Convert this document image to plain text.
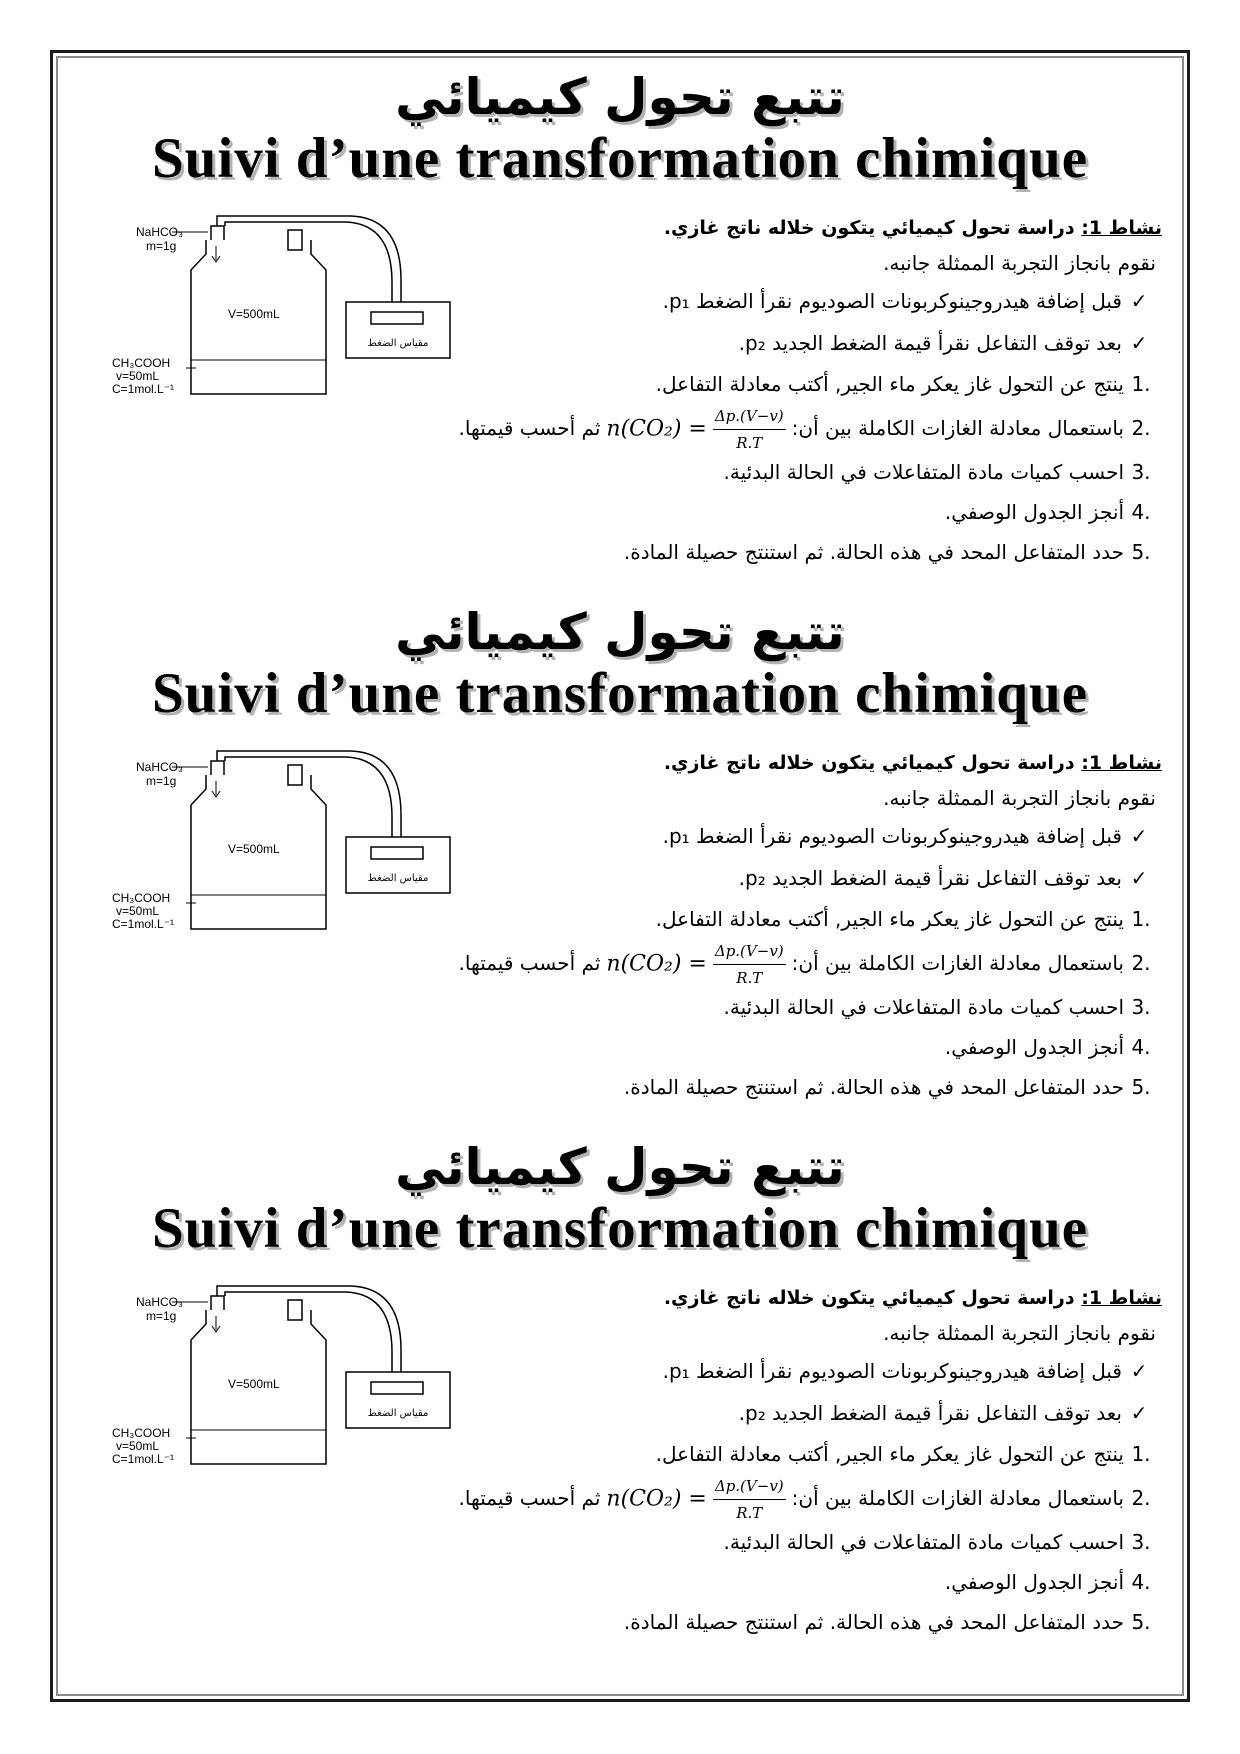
تتبع تحول كيميائي
Suivi d’une transformation chimique
NaHCO₃
m=1g
V=500mL
CH₃COOH
v=50mL
C=1mol.L⁻¹
مقياس الضغط
نشاط 1: دراسة تحول كيميائي يتكون خلاله ناتج غازي.
نقوم بانجاز التجربة الممثلة جانبه.
✓قبل إضافة هيدروجينوكربونات الصوديوم نقرأ الضغط p₁.
✓بعد توقف التفاعل نقرأ قيمة الضغط الجديد p₂.
1.ينتج عن التحول غاز يعكر ماء الجير, أكتب معادلة التفاعل.
2.باستعمال معادلة الغازات الكاملة بين أن:n(CO₂) = $\frac{\Delta p.(V-v)}{R.T}$
ثم أحسب قيمتها.
3.احسب كميات مادة المتفاعلات في الحالة البدئية.
4.أنجز الجدول الوصفي.
5.حدد المتفاعل المحد في هذه الحالة. ثم استنتج حصيلة المادة.
تتبع تحول كيميائي
Suivi d’une transformation chimique
NaHCO₃
m=1g
V=500mL
CH₃COOH
v=50mL
C=1mol.L⁻¹
مقياس الضغط
نشاط 1: دراسة تحول كيميائي يتكون خلاله ناتج غازي.
نقوم بانجاز التجربة الممثلة جانبه.
✓قبل إضافة هيدروجينوكربونات الصوديوم نقرأ الضغط p₁.
✓بعد توقف التفاعل نقرأ قيمة الضغط الجديد p₂.
1.ينتج عن التحول غاز يعكر ماء الجير, أكتب معادلة التفاعل.
2.باستعمال معادلة الغازات الكاملة بين أن:n(CO₂) = $\frac{\Delta p.(V-v)}{R.T}$
ثم أحسب قيمتها.
3.احسب كميات مادة المتفاعلات في الحالة البدئية.
4.أنجز الجدول الوصفي.
5.حدد المتفاعل المحد في هذه الحالة. ثم استنتج حصيلة المادة.
تتبع تحول كيميائي
Suivi d’une transformation chimique
NaHCO₃
m=1g
V=500mL
CH₃COOH
v=50mL
C=1mol.L⁻¹
مقياس الضغط
نشاط 1: دراسة تحول كيميائي يتكون خلاله ناتج غازي.
نقوم بانجاز التجربة الممثلة جانبه.
✓قبل إضافة هيدروجينوكربونات الصوديوم نقرأ الضغط p₁.
✓بعد توقف التفاعل نقرأ قيمة الضغط الجديد p₂.
1.ينتج عن التحول غاز يعكر ماء الجير, أكتب معادلة التفاعل.
2.باستعمال معادلة الغازات الكاملة بين أن:n(CO₂) = $\frac{\Delta p.(V-v)}{R.T}$
ثم أحسب قيمتها.
3.احسب كميات مادة المتفاعلات في الحالة البدئية.
4.أنجز الجدول الوصفي.
5.حدد المتفاعل المحد في هذه الحالة. ثم استنتج حصيلة المادة.
